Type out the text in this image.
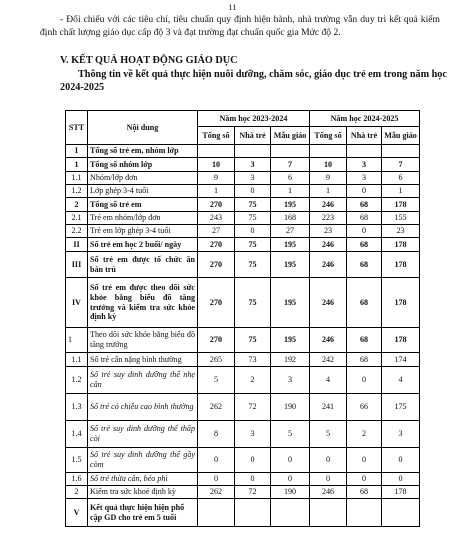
11
- Đối chiếu với các tiêu chí, tiêu chuẩn quy định hiện hành, nhà trường vẫn duy trì kết quả kiểm định chất lượng giáo dục cấp độ 3 và đạt trường đạt chuẩn quốc gia Mức độ 2.
V. KẾT QUẢ HOẠT ĐỘNG GIÁO DỤC
Thông tin về kết quả thực hiện nuôi dưỡng, chăm sóc, giáo dục trẻ em trong năm học 2024-2025
STT	Nội dung	Năm học 2023-2024			Năm học 2024-2025		
		Tổng số	Nhà trẻ	Mẫu giáo	Tổng số	Nhà trẻ	Mẫu giáo
I	Tổng số trẻ em, nhóm lớp						
1	Tổng số nhóm lớp	10	3	7	10	3	7
1.1	Nhóm/lớp đơn	9	3	6	9	3	6
1.2	Lớp ghép 3-4 tuổi	1	0	1	1	0	1
2	Tổng số trẻ em	270	75	195	246	68	178
2.1	Trẻ em nhóm/lớp đơn	243	75	168	223	68	155
2.2	Trẻ em lớp ghép 3-4 tuổi	27	0	27	23	0	23
II	Số trẻ em học 2 buổi/ ngày	270	75	195	246	68	178
III	Số trẻ em được tổ chức ăn bán trú	270	75	195	246	68	178
IV	Số trẻ em được theo dõi sức khỏe bằng biểu đồ tăng trưởng và kiểm tra sức khỏe định kỳ	270	75	195	246	68	178
1	Theo dõi sức khỏe bằng biểu đồ tăng trưởng	270	75	195	246	68	178
1.1	Số trẻ cân nặng bình thường	265	73	192	242	68	174
1.2	Số trẻ suy dinh dưỡng thể nhẹ cân	5	2	3	4	0	4
1.3	Số trẻ có chiều cao bình thường	262	72	190	241	66	175
1.4	Số trẻ suy dinh dưỡng thể thấp còi	8	3	5	5	2	3
1.5	Số trẻ suy dinh dưỡng thể gầy còm	0	0	0	0	0	0
1.6	Số trẻ thừa cân, béo phì	0	0	0	0	0	0
2	Kiểm tra sức khoẻ định kỳ	262	72	190	246	68	178
V	Kết quả thực hiện hiện phổ cập GD cho trẻ em 5 tuổi						
